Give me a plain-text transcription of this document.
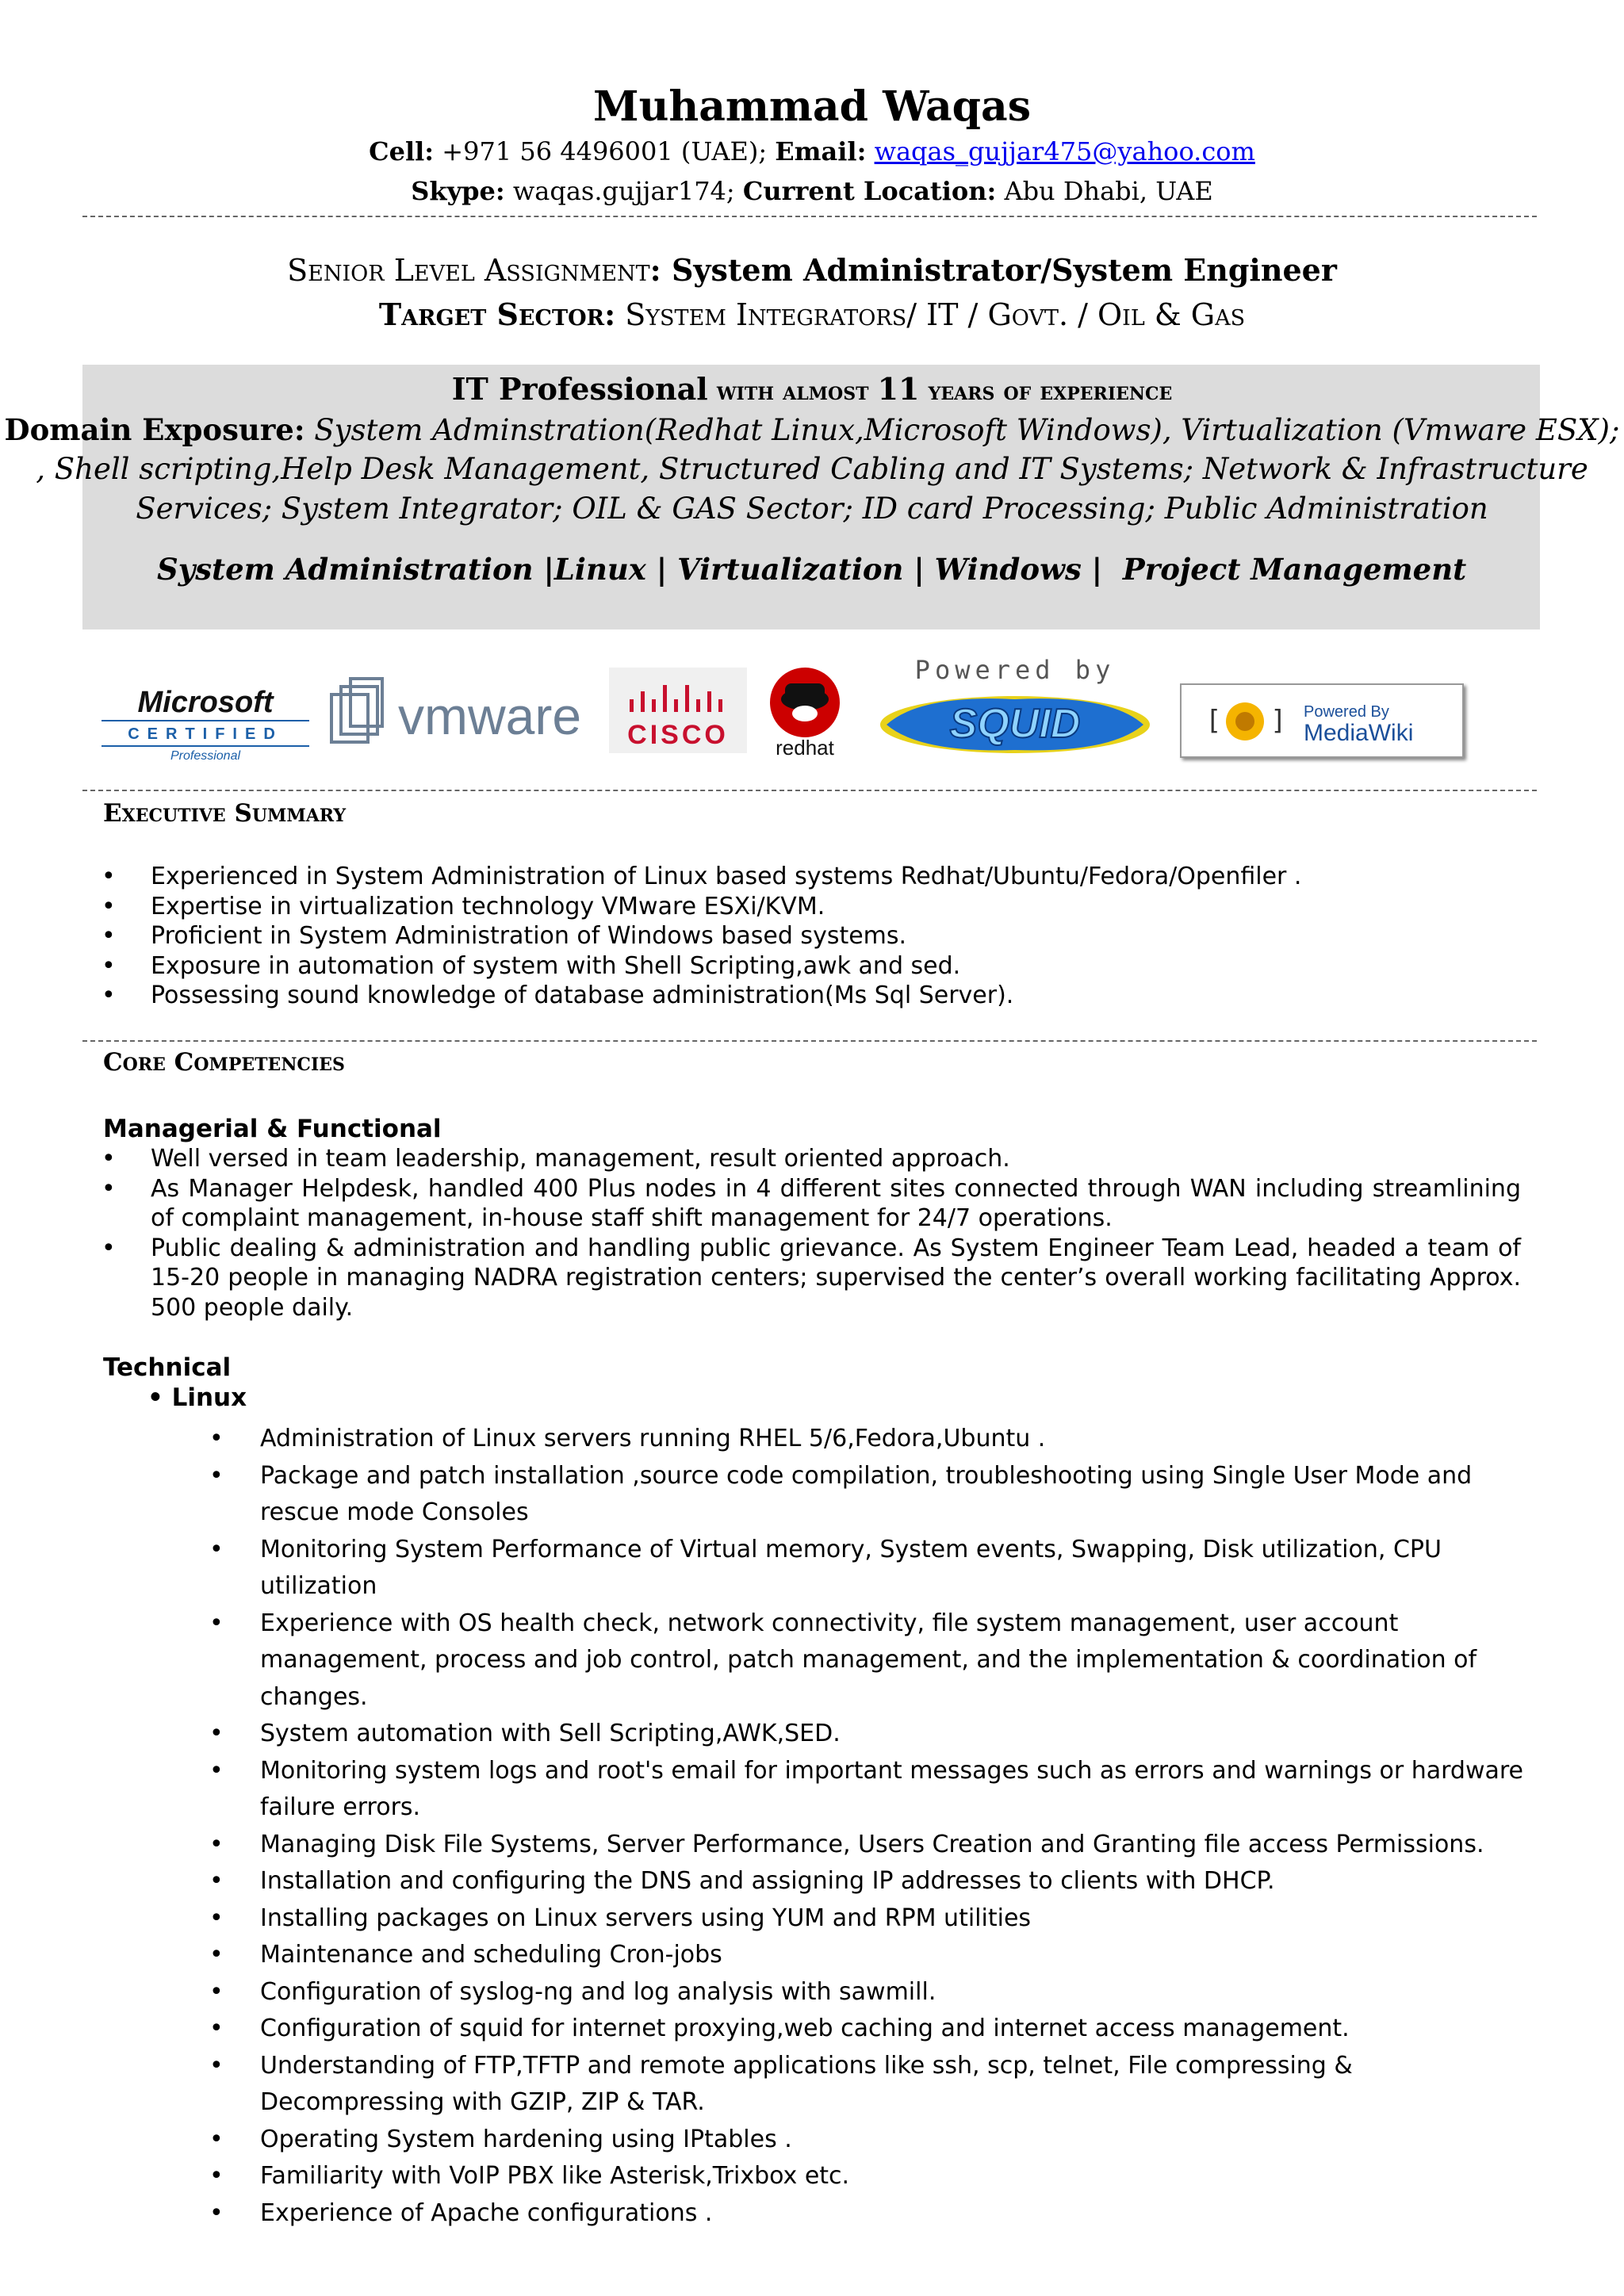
Muhammad Waqas
Cell: +971 56 4496001 (UAE); Email: waqas_gujjar475@yahoo.com
Skype: waqas.gujjar174; Current Location: Abu Dhabi, UAE
Senior Level Assignment: System Administrator/System Engineer
Target Sector: System Integrators/ IT / Govt. / Oil & Gas
IT Professional with almost 11 years of experience
Domain Exposure: System Adminstration(Redhat Linux,Microsoft Windows), Virtualization (Vmware ESX);
, Shell scripting,Help Desk Management, Structured Cabling and IT Systems; Network & Infrastructure
Services; System Integrator; OIL & GAS Sector; ID card Processing; Public Administration
System Administration |Linux | Virtualization | Windows |  Project Management
Microsoft
CERTIFIED
Professional
vmware CISCO redhat
Powered by
SQUID	[ ] Powered By
MediaWiki
Executive Summary
• Experienced in System Administration of Linux based systems Redhat/Ubuntu/Fedora/Openfiler .
• Expertise in virtualization technology VMware ESXi/KVM.
• Proficient in System Administration of Windows based systems.
• Exposure in automation of system with Shell Scripting,awk and sed.
• Possessing sound knowledge of database administration(Ms Sql Server).
Core Competencies
Managerial & Functional
• Well versed in team leadership, management, result oriented approach.
• As Manager Helpdesk, handled 400 Plus nodes in 4 different sites connected through WAN including streamlining of complaint management, in-house staff shift management for 24/7 operations.
• Public dealing & administration and handling public grievance. As System Engineer Team Lead, headed a team of 15-20 people in managing NADRA registration centers; supervised the center’s overall working facilitating Approx. 500 people daily.
Technical
• Linux
• Administration of Linux servers running RHEL 5/6,Fedora,Ubuntu .
• Package and patch installation ,source code compilation, troubleshooting using Single User Mode and rescue mode Consoles
• Monitoring System Performance of Virtual memory, System events, Swapping, Disk utilization, CPU utilization
• Experience with OS health check, network connectivity, file system management, user account management, process and job control, patch management, and the implementation & coordination of changes.
• System automation with Sell Scripting,AWK,SED.
• Monitoring system logs and root's email for important messages such as errors and warnings or hardware failure errors.
• Managing Disk File Systems, Server Performance, Users Creation and Granting file access Permissions.
• Installation and configuring the DNS and assigning IP addresses to clients with DHCP.
• Installing packages on Linux servers using YUM and RPM utilities
• Maintenance and scheduling Cron-jobs
• Configuration of syslog-ng and log analysis with sawmill.
• Configuration of squid for internet proxying,web caching and internet access management.
• Understanding of FTP,TFTP and remote applications like ssh, scp, telnet, File compressing & Decompressing with GZIP, ZIP & TAR.
• Operating System hardening using IPtables .
• Familiarity with VoIP PBX like Asterisk,Trixbox etc.
• Experience of Apache configurations .
